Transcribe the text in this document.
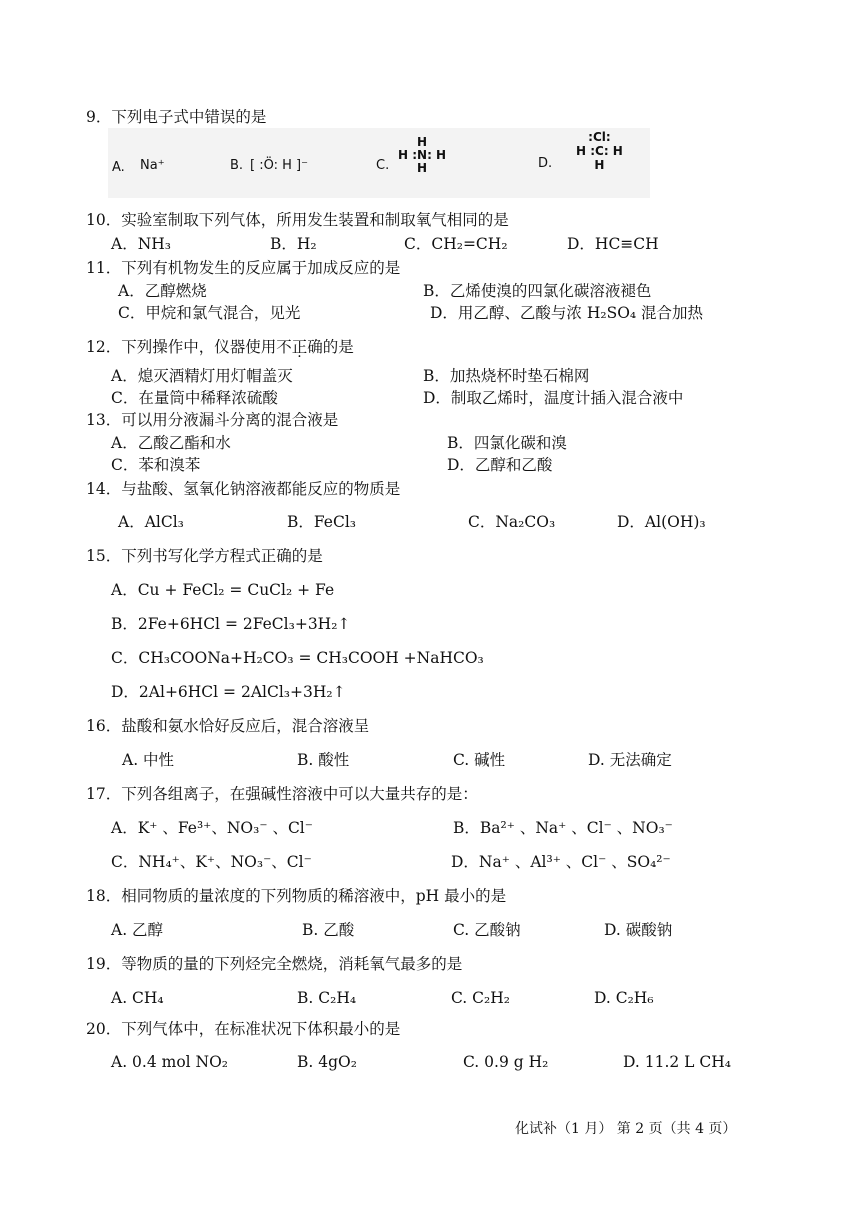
9．下列电子式中错误的是
A. Na⁺	B. [ :Ö: H ]⁻	C.
H
H :N: H
H	D.
:Cl:
H :C: H
H
10．实验室制取下列气体，所用发生装置和制取氧气相同的是
A．NH₃	B．H₂	C．CH₂=CH₂	D．HC≡CH
11．下列有机物发生的反应属于加成反应的是
A．乙醇燃烧	B．乙烯使溴的四氯化碳溶液褪色
C．甲烷和氯气混合，见光	D．用乙醇、乙酸与浓 H₂SO₄ 混合加热
12．下列操作中，仪器使用不正确的是
A．熄灭酒精灯用灯帽盖灭	B．加热烧杯时垫石棉网
C．在量筒中稀释浓硫酸	D．制取乙烯时，温度计插入混合液中
13．可以用分液漏斗分离的混合液是
A．乙酸乙酯和水	B．四氯化碳和溴
C．苯和溴苯	D．乙醇和乙酸
14．与盐酸、氢氧化钠溶液都能反应的物质是
A．AlCl₃	B．FeCl₃	C．Na₂CO₃	D．Al(OH)₃
15．下列书写化学方程式正确的是
A．Cu + FeCl₂ = CuCl₂ + Fe
B．2Fe+6HCl = 2FeCl₃+3H₂↑
C．CH₃COONa+H₂CO₃ = CH₃COOH +NaHCO₃
D．2Al+6HCl = 2AlCl₃+3H₂↑
16．盐酸和氨水恰好反应后，混合溶液呈
A. 中性	B. 酸性	C. 碱性	D. 无法确定
17．下列各组离子，在强碱性溶液中可以大量共存的是：
A．K⁺ 、Fe³⁺、NO₃⁻ 、Cl⁻	B．Ba²⁺ 、Na⁺ 、Cl⁻ 、NO₃⁻
C．NH₄⁺、K⁺、NO₃⁻、Cl⁻	D．Na⁺ 、Al³⁺ 、Cl⁻ 、SO₄²⁻
18．相同物质的量浓度的下列物质的稀溶液中，pH 最小的是
A. 乙醇	B. 乙酸	C. 乙酸钠	D. 碳酸钠
19．等物质的量的下列烃完全燃烧，消耗氧气最多的是
A. CH₄	B. C₂H₄	C. C₂H₂	D. C₂H₆
20．下列气体中，在标准状况下体积最小的是
A. 0.4 mol NO₂	B. 4gO₂	C. 0.9 g H₂	D. 11.2 L CH₄
化试补（1 月） 第 2 页（共 4 页）
